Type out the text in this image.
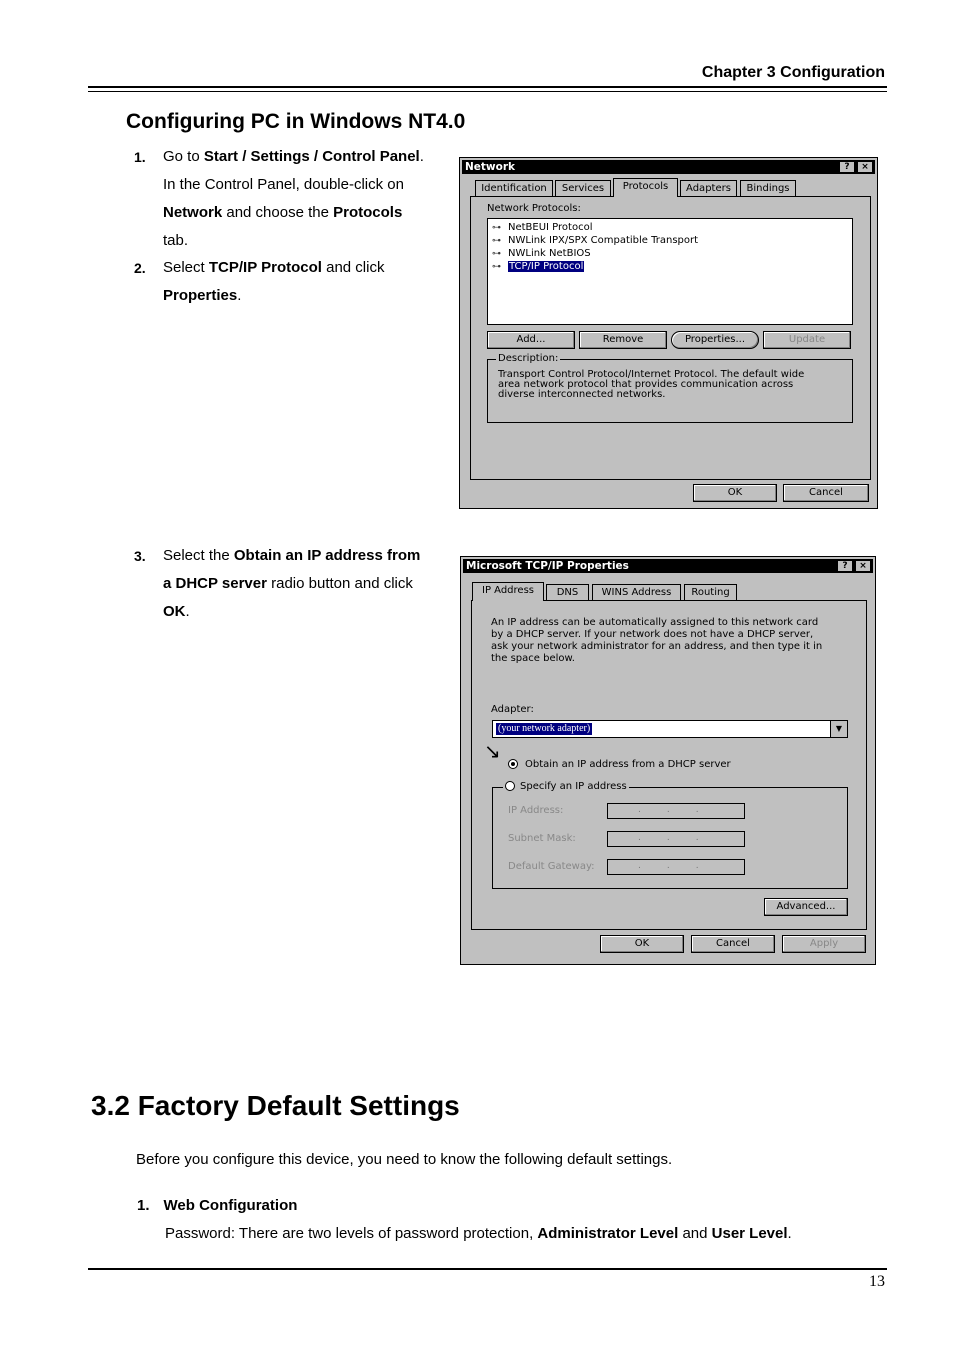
Chapter 3 Configuration
Configuring PC in Windows NT4.0
1. Go to Start / Settings / Control Panel. In the Control Panel, double-click on Network and choose the Protocols tab.
2. Select TCP/IP Protocol and click Properties.
3. Select the Obtain an IP address from a DHCP server radio button and click OK.
Network	?	×
Identification	Services	Protocols	Adapters	Bindings
Network Protocols:
⊶ NetBEUI Protocol
⊶ NWLink IPX/SPX Compatible Transport
⊶ NWLink NetBIOS
⊶ TCP/IP Protocol
Add...	Remove	Properties...	Update
Description:
Transport Control Protocol/Internet Protocol. The default wide
area network protocol that provides communication across
diverse interconnected networks.
OK	Cancel
Microsoft TCP/IP Properties	?	×
IP Address	DNS	WINS Address	Routing
An IP address can be automatically assigned to this network card
by a DHCP server. If your network does not have a DHCP server,
ask your network administrator for an address, and then type it in
the space below.
Adapter:
(your network adapter)	▼
↘
Obtain an IP address from a DHCP server
Specify an IP address
IP Address:	...
Subnet Mask:	...
Default Gateway:	...
Advanced...
OK	Cancel	Apply
3.2 Factory Default Settings
Before you configure this device, you need to know the following default settings.
1. Web Configuration
Password: There are two levels of password protection, Administrator Level and User Level.
13
